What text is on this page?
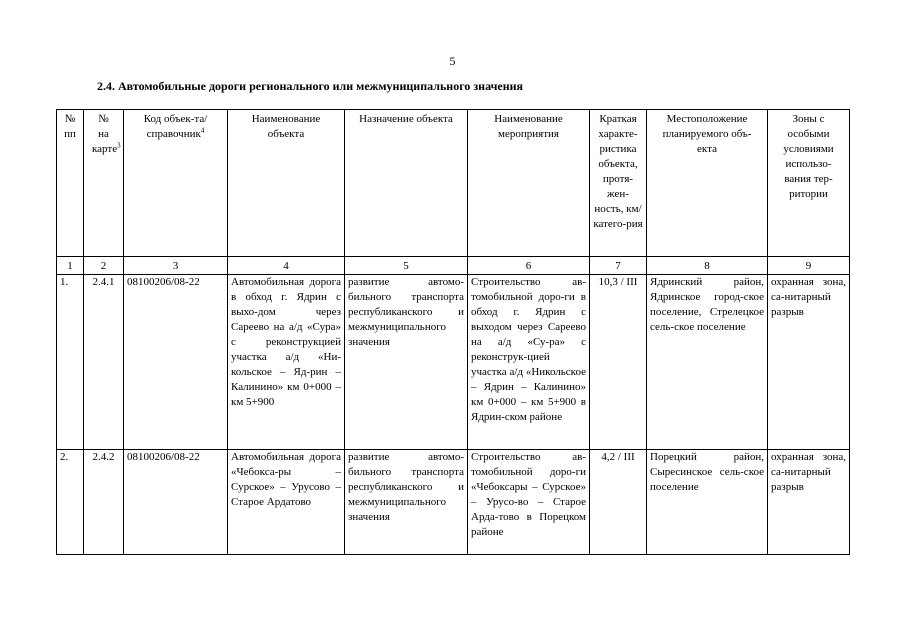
5
2.4. Автомобильные дороги регионального или межмуниципального значения
№ пп	№ на карте$^3$	Код объек-та/справочник$^4$	Наименование объекта	Назначение объекта	Наименование мероприятия	Краткая характе-ристика объекта, протя-жен-ность, км/ катего-рия	Местоположение планируемого объ-екта	Зоны с особыми условиями использо-вания тер-ритории
1	2	3	4	5	6	7	8	9
1.	2.4.1	08100206/08-22	Автомобильная дорога в обход г. Ядрин с выхо-дом через Сареево на а/д «Сура» с реконструкцией участка а/д «Ни-кольское – Яд-рин – Калинино» км 0+000 – км 5+900	развитие автомо-бильного транспорта республиканского и межмуниципального значения	Строительство ав-томобильной доро-ги в обход г. Ядрин с выходом через Сареево на а/д «Су-ра» с реконструк-цией участка а/д «Никольское – Ядрин – Калинино» км 0+000 – км 5+900 в Ядрин-ском районе	10,3 / III	Ядринский район, Ядринское город-ское поселение, Стрелецкое сель-ское поселение	охранная зона, са-нитарный разрыв
2.	2.4.2	08100206/08-22	Автомобильная дорога «Чебокса-ры – Сурское» – Урусово – Старое Ардатово	развитие автомо-бильного транспорта республиканского и межмуниципального значения	Строительство ав-томобильной доро-ги «Чебоксары – Сурское» – Урусо-во – Старое Арда-тово в Порецком районе	4,2 / III	Порецкий район, Сыресинское сель-ское поселение	охранная зона, са-нитарный разрыв
